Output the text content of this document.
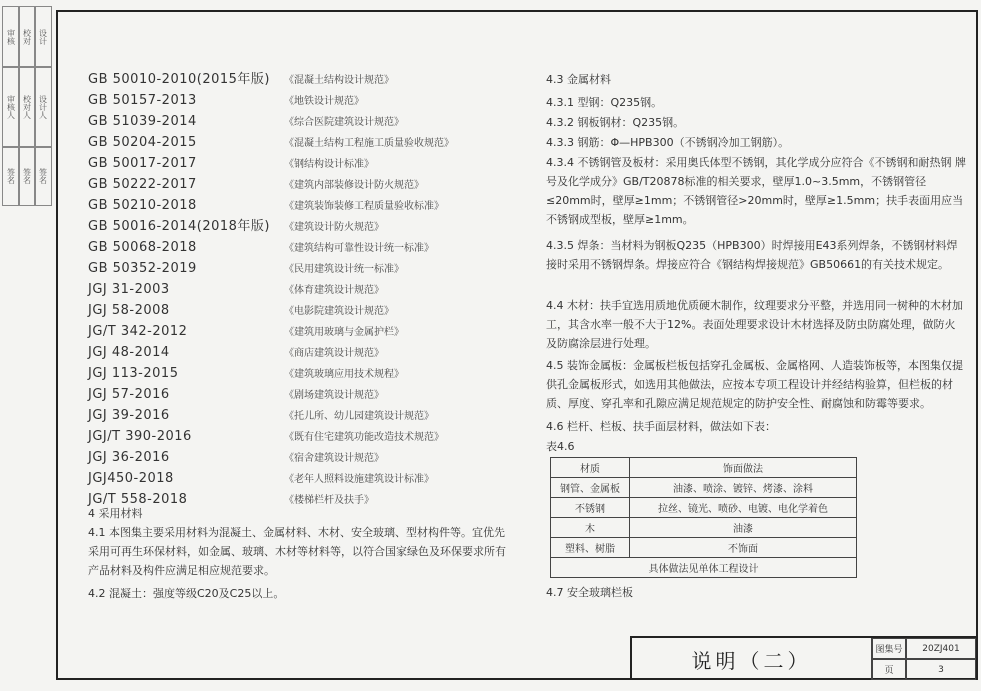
审核 校对 设计
审核人 校对人 设计人
签名 签名 签名
GB 50010-2010(2015年版) 《混凝土结构设计规范》
GB 50157-2013	《地铁设计规范》
GB 51039-2014	《综合医院建筑设计规范》
GB 50204-2015	《混凝土结构工程施工质量验收规范》
GB 50017-2017	《钢结构设计标准》
GB 50222-2017	《建筑内部装修设计防火规范》
GB 50210-2018	《建筑装饰装修工程质量验收标准》
GB 50016-2014(2018年版) 《建筑设计防火规范》
GB 50068-2018	《建筑结构可靠性设计统一标准》
GB 50352-2019	《民用建筑设计统一标准》
JGJ 31-2003	《体育建筑设计规范》
JGJ 58-2008	《电影院建筑设计规范》
JG/T 342-2012	《建筑用玻璃与金属护栏》
JGJ 48-2014	《商店建筑设计规范》
JGJ 113-2015	《建筑玻璃应用技术规程》
JGJ 57-2016	《剧场建筑设计规范》
JGJ 39-2016	《托儿所、幼儿园建筑设计规范》
JGJ/T 390-2016	《既有住宅建筑功能改造技术规范》
JGJ 36-2016	《宿舍建筑设计规范》
JGJ450-2018	《老年人照料设施建筑设计标准》
JG/T 558-2018	《楼梯栏杆及扶手》
4 采用材料
4.1 本图集主要采用材料为混凝土、金属材料、木材、安全玻璃、型材构件等。宜优先采用可再生环保材料，如金属、玻璃、木材等材料等，以符合国家绿色及环保要求所有产品材料及构件应满足相应规范要求。
4.2 混凝土：强度等级C20及C25以上。
4.3 金属材料
4.3.1 型钢：Q235钢。
4.3.2 钢板钢材：Q235钢。
4.3.3 钢筋：Φ—HPB300（不锈钢冷加工钢筋）。
4.3.4 不锈钢管及板材：采用奥氏体型不锈钢，其化学成分应符合《不锈钢和耐热钢 牌号及化学成分》GB/T20878标准的相关要求，壁厚1.0~3.5mm，不锈钢管径≤20mm时，壁厚≥1mm；不锈钢管径>20mm时，壁厚≥1.5mm；扶手表面用应当不锈钢成型板，壁厚≥1mm。
4.3.5 焊条：当材料为钢板Q235（HPB300）时焊接用E43系列焊条，不锈钢材料焊接时采用不锈钢焊条。焊接应符合《钢结构焊接规范》GB50661的有关技术规定。
4.4 木材：扶手宜选用质地优质硬木制作，纹理要求分平整，并选用同一树种的木材加工，其含水率一般不大于12%。表面处理要求设计木材选择及防虫防腐处理，做防火及防腐涂层进行处理。
4.5 装饰金属板：金属板栏板包括穿孔金属板、金属格网、人造装饰板等，本图集仅提供孔金属板形式，如选用其他做法，应按本专项工程设计并经结构验算，但栏板的材质、厚度、穿孔率和孔隙应满足规范规定的防护安全性、耐腐蚀和防霉等要求。
4.6 栏杆、栏板、扶手面层材料，做法如下表：
表4.6
材质	饰面做法
钢管、金属板	油漆、喷涂、镀锌、烤漆、涂料
不锈钢	拉丝、镜光、喷砂、电镀、电化学着色
木	油漆
塑料、树脂	不饰面
具体做法见单体工程设计	
4.7 安全玻璃栏板
说明（二）	图集号	20ZJ401
页	3
